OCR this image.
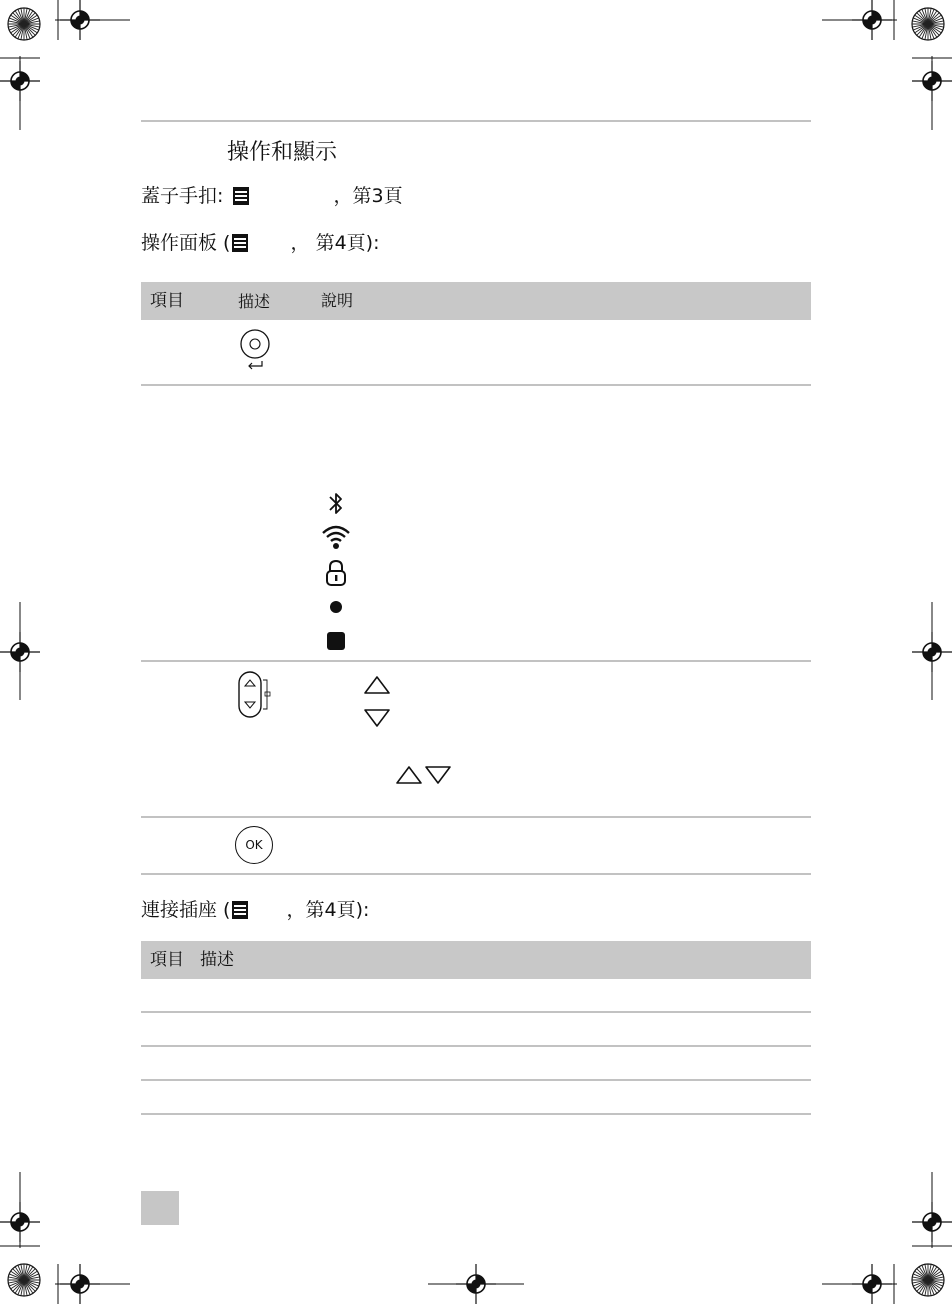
操作和顯示
蓋子手扣:	，第3頁
操作面板 (	， 第4頁):
項目	描述	說明
OK
連接插座 (	，第4頁):
項目 描述
